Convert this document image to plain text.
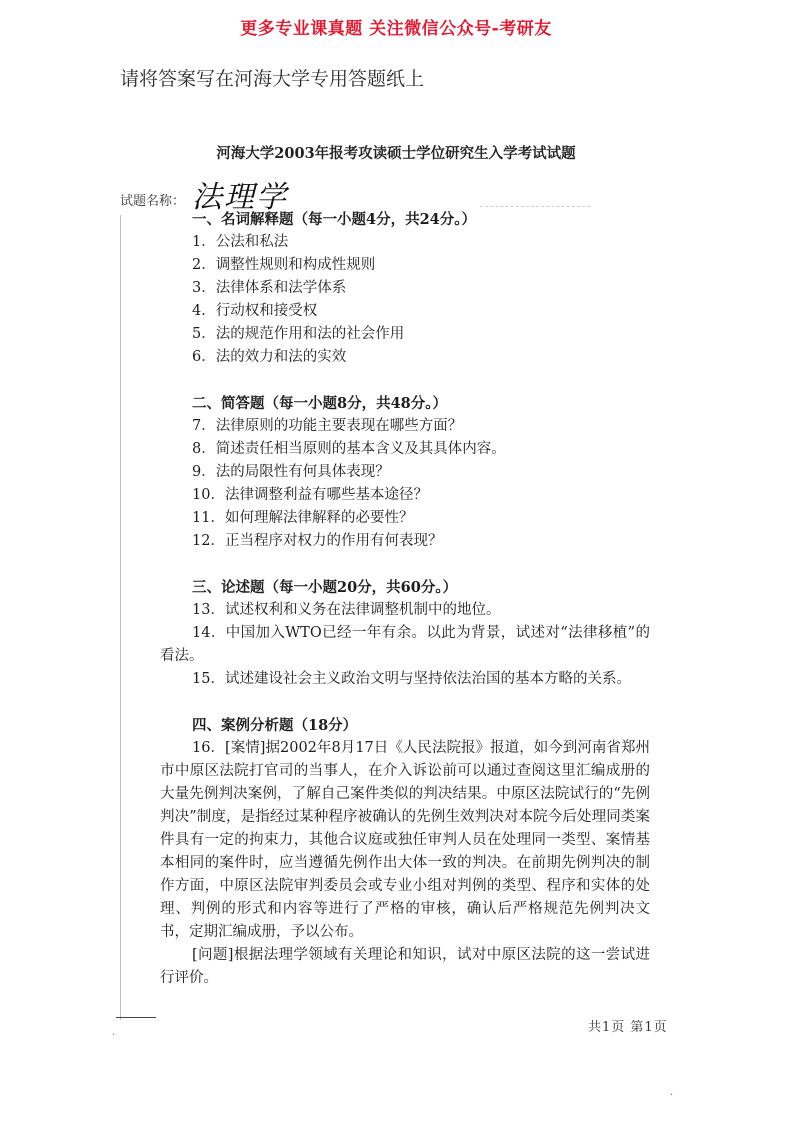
更多专业课真题 关注微信公众号-考研友
请将答案写在河海大学专用答题纸上
河海大学2003年报考攻读硕士学位研究生入学考试试题
试题名称： 法理学

一、名词解释题（每一小题4分，共24分。）

1．公法和私法

2．调整性规则和构成性规则

3．法律体系和法学体系

4．行动权和接受权

5．法的规范作用和法的社会作用

6．法的效力和法的实效

二、简答题（每一小题8分，共48分。）

7．法律原则的功能主要表现在哪些方面？

8．简述责任相当原则的基本含义及其具体内容。

9．法的局限性有何具体表现？

10．法律调整利益有哪些基本途径？

11．如何理解法律解释的必要性？

12．正当程序对权力的作用有何表现？

三、论述题（每一小题20分，共60分。）

13．试述权利和义务在法律调整机制中的地位。

14．中国加入WTO已经一年有余。以此为背景，试述对“法律移植”的看法。

15．试述建设社会主义政治文明与坚持依法治国的基本方略的关系。

四、案例分析题（18分）

16．[案情]据2002年8月17日《人民法院报》报道，如今到河南省郑州市中原区法院打官司的当事人，在介入诉讼前可以通过查阅这里汇编成册的大量先例判决案例，了解自己案件类似的判决结果。中原区法院试行的“先例判决”制度，是指经过某种程序被确认的先例生效判决对本院今后处理同类案件具有一定的拘束力，其他合议庭或独任审判人员在处理同一类型、案情基本相同的案件时，应当遵循先例作出大体一致的判决。在前期先例判决的制作方面，中原区法院审判委员会或专业小组对判例的类型、程序和实体的处理、判例的形式和内容等进行了严格的审核，确认后严格规范先例判决文书，定期汇编成册，予以公布。

[问题]根据法理学领域有关理论和知识，试对中原区法院的这一尝试进行评价。

共1页 第1页
·
·
